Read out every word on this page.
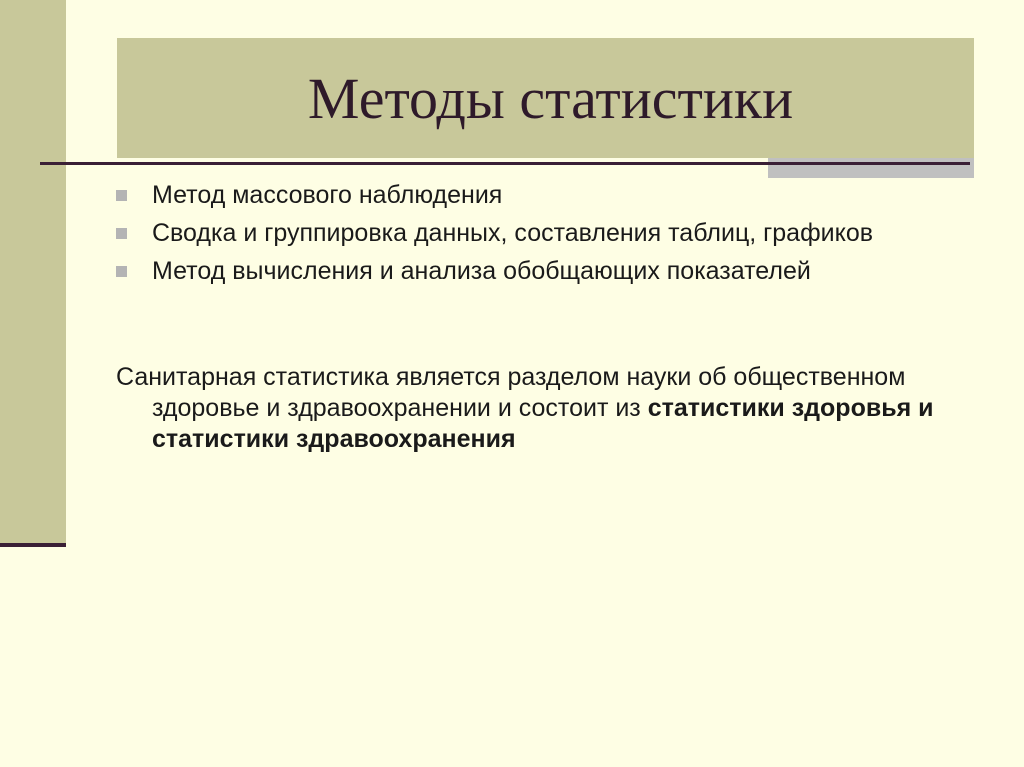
Методы статистики
Метод массового наблюдения
Сводка и группировка данных, составления таблиц, графиков
Метод вычисления и анализа обобщающих показателей
Санитарная статистика является разделом науки об общественном здоровье и здравоохранении и состоит из статистики здоровья и статистики здравоохранения
